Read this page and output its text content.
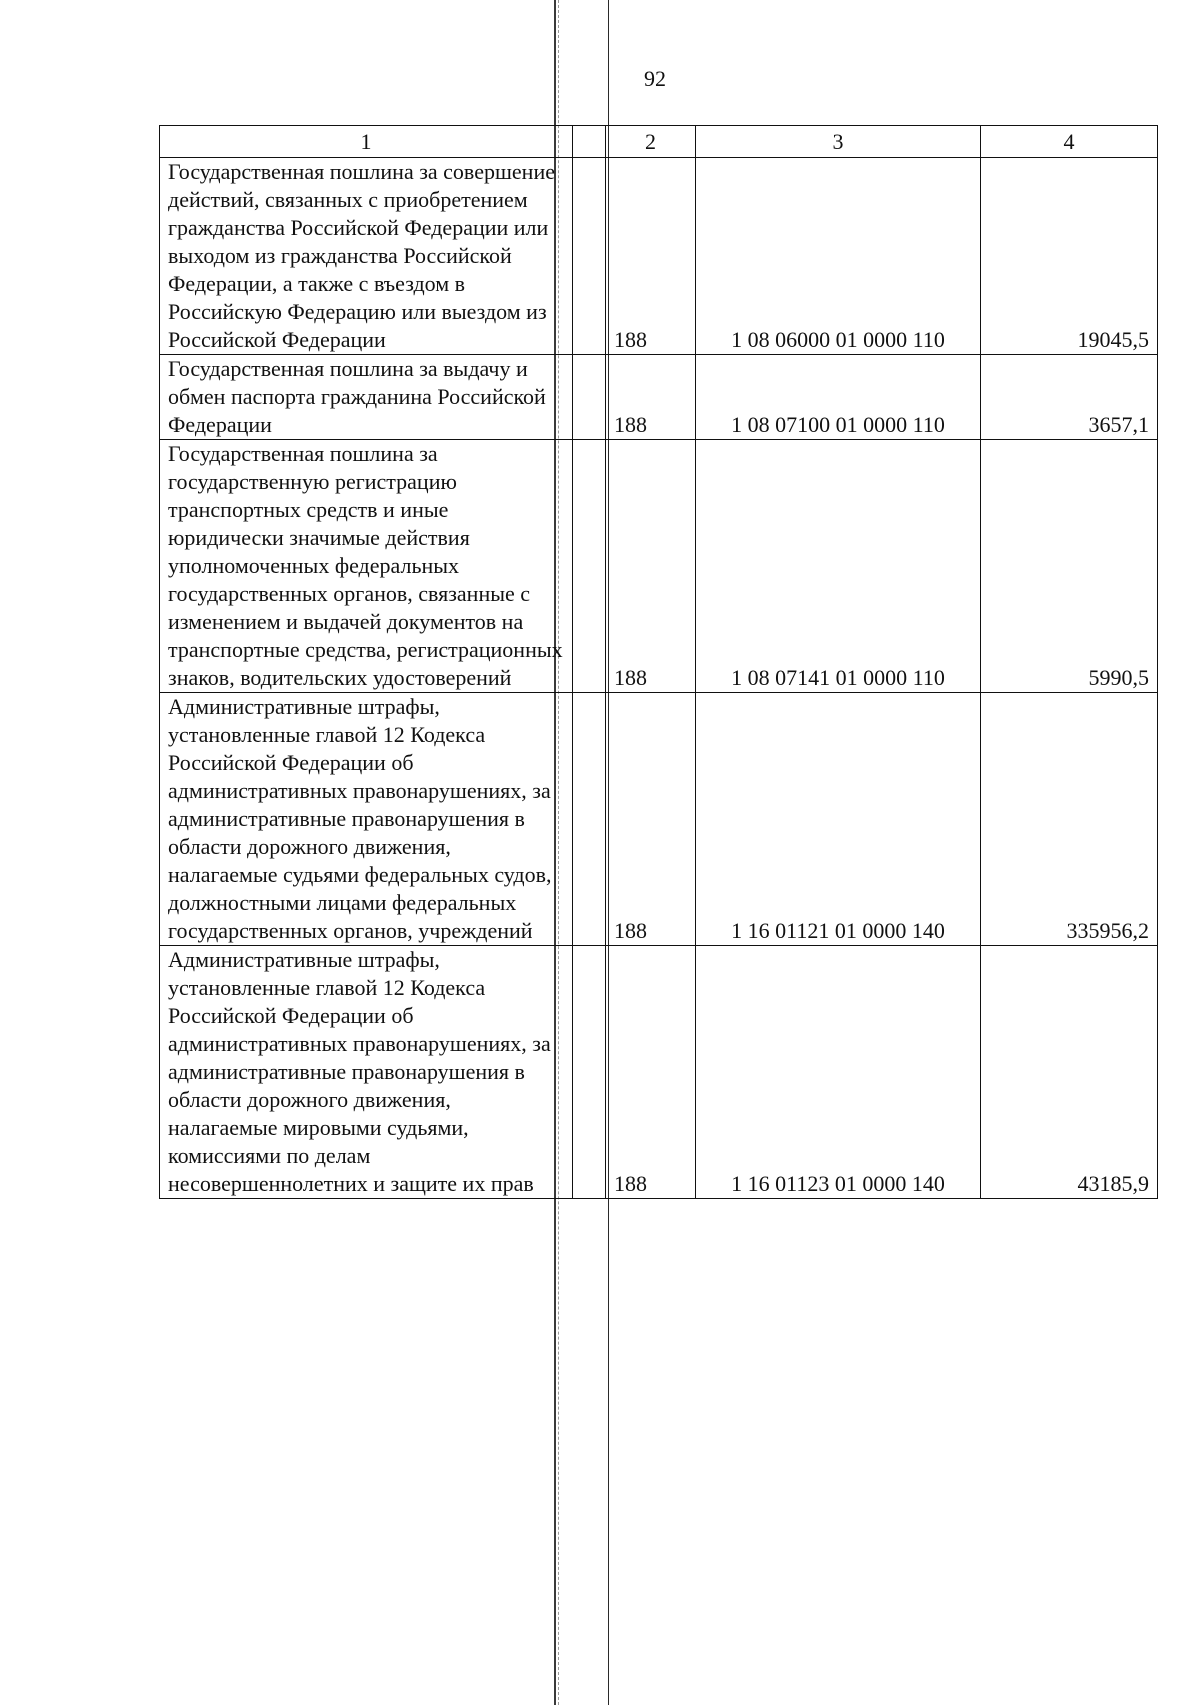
92
1		2	3	4
Государственная пошлина за совершение действий, связанных с приобретением гражданства Российской Федерации или выходом из гражданства Российской Федерации, а также с въездом в Российскую Федерацию или выездом из Российской Федерации		188	1 08 06000 01 0000 110	19045,5
Государственная пошлина за выдачу и обмен паспорта гражданина Российской Федерации		188	1 08 07100 01 0000 110	3657,1
Государственная пошлина за государственную регистрацию транспортных средств и иные юридически значимые действия уполномоченных федеральных государственных органов, связанные с изменением и выдачей документов на транспортные средства, регистрационных знаков, водительских удостоверений		188	1 08 07141 01 0000 110	5990,5
Административные штрафы, установленные главой 12 Кодекса Российской Федерации об административных правонарушениях, за административные правонарушения в области дорожного движения, налагаемые судьями федеральных судов, должностными лицами федеральных государственных органов, учреждений		188	1 16 01121 01 0000 140	335956,2
Административные штрафы, установленные главой 12 Кодекса Российской Федерации об административных правонарушениях, за административные правонарушения в области дорожного движения, налагаемые мировыми судьями, комиссиями по делам несовершеннолетних и защите их прав		188	1 16 01123 01 0000 140	43185,9
